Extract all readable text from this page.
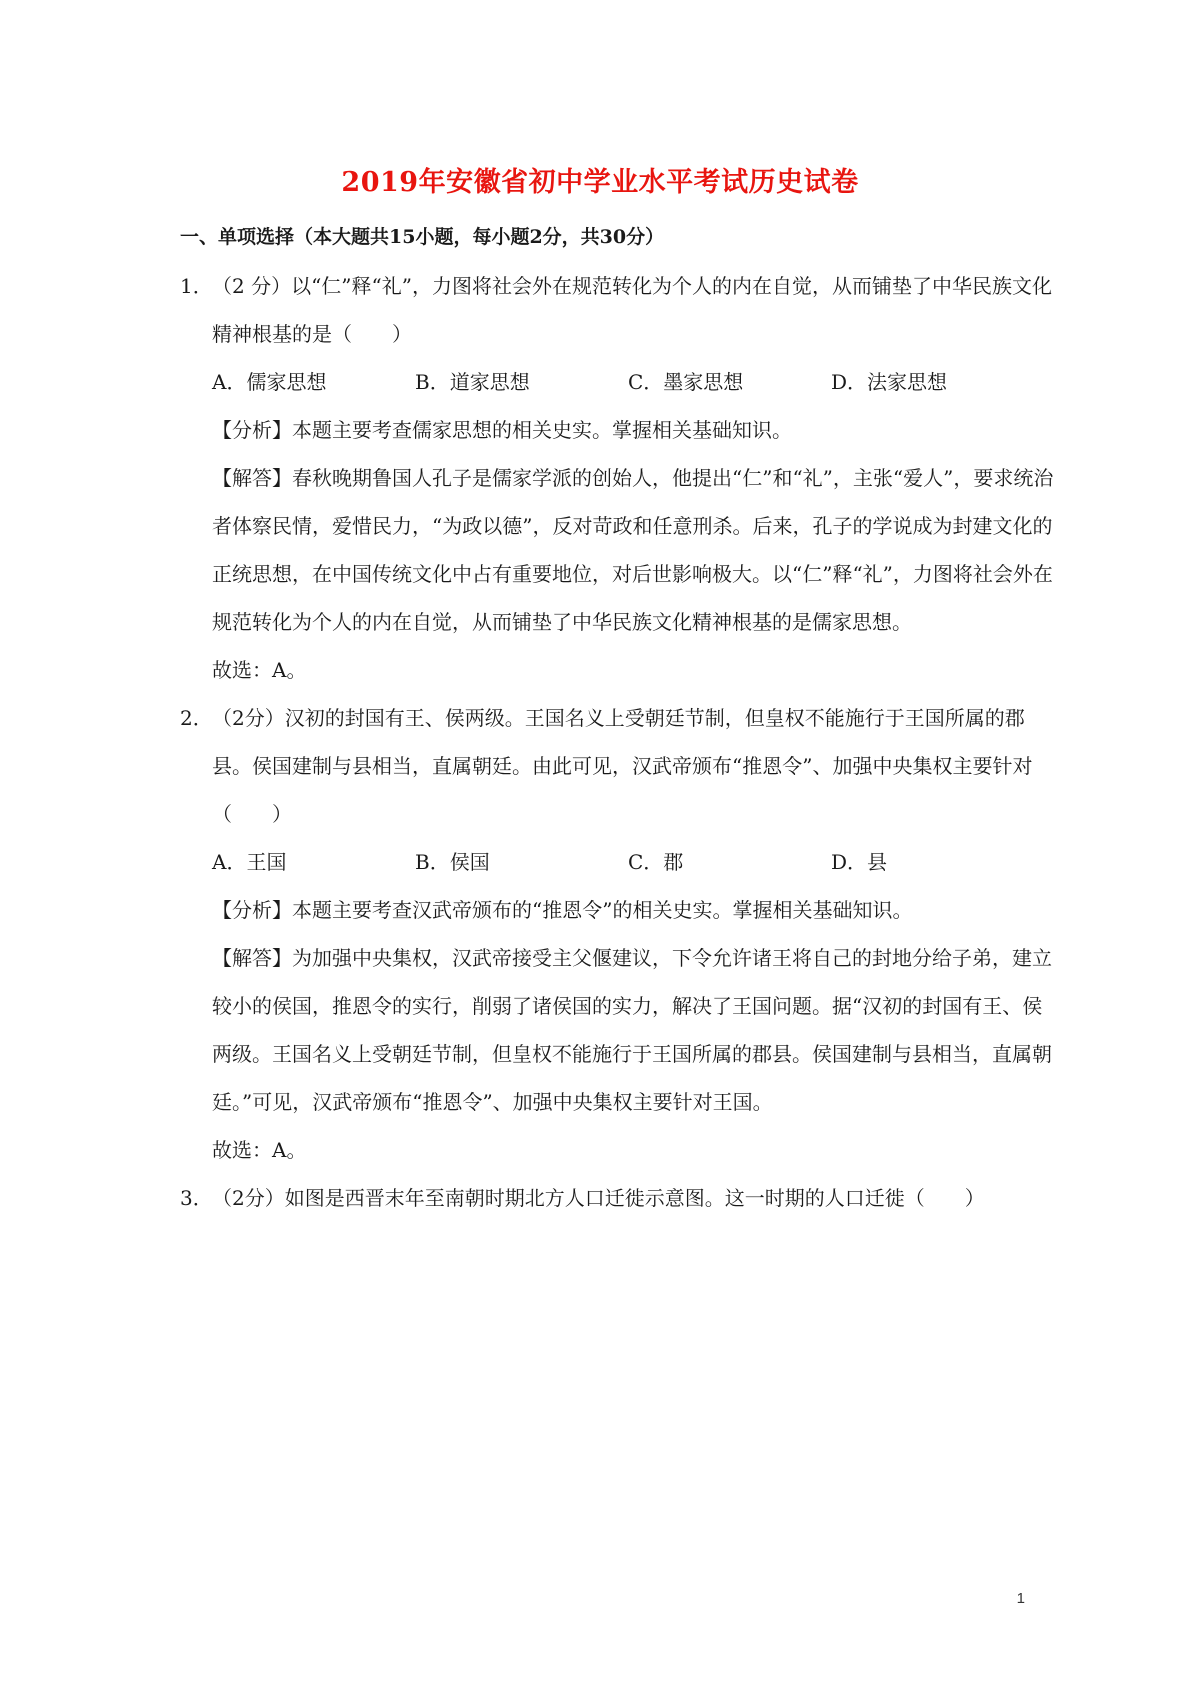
2019年安徽省初中学业水平考试历史试卷
一、单项选择（本大题共15小题，每小题2分，共30分）
1． （2 分）以“仁”释“礼”，力图将社会外在规范转化为个人的内在自觉，从而铺垫了中华民族文化精神根基的是（　　）
A．儒家思想	B．道家思想	C．墨家思想	D．法家思想
【分析】本题主要考查儒家思想的相关史实。掌握相关基础知识。
【解答】春秋晚期鲁国人孔子是儒家学派的创始人，他提出“仁”和“礼”，主张“爱人”，要求统治者体察民情，爱惜民力，“为政以德”，反对苛政和任意刑杀。后来，孔子的学说成为封建文化的正统思想，在中国传统文化中占有重要地位，对后世影响极大。以“仁”释“礼”，力图将社会外在规范转化为个人的内在自觉，从而铺垫了中华民族文化精神根基的是儒家思想。
故选：A。
2． （2分）汉初的封国有王、侯两级。王国名义上受朝廷节制，但皇权不能施行于王国所属的郡县。侯国建制与县相当，直属朝廷。由此可见，汉武帝颁布“推恩令”、加强中央集权主要针对（　　）
A．王国	B．侯国	C．郡	D．县
【分析】本题主要考查汉武帝颁布的“推恩令”的相关史实。掌握相关基础知识。
【解答】为加强中央集权，汉武帝接受主父偃建议，下令允许诸王将自己的封地分给子弟，建立较小的侯国，推恩令的实行，削弱了诸侯国的实力，解决了王国问题。据“汉初的封国有王、侯两级。王国名义上受朝廷节制，但皇权不能施行于王国所属的郡县。侯国建制与县相当，直属朝廷。”可见，汉武帝颁布“推恩令”、加强中央集权主要针对王国。
故选：A。
3． （2分）如图是西晋末年至南朝时期北方人口迁徙示意图。这一时期的人口迁徙（　　）
1
